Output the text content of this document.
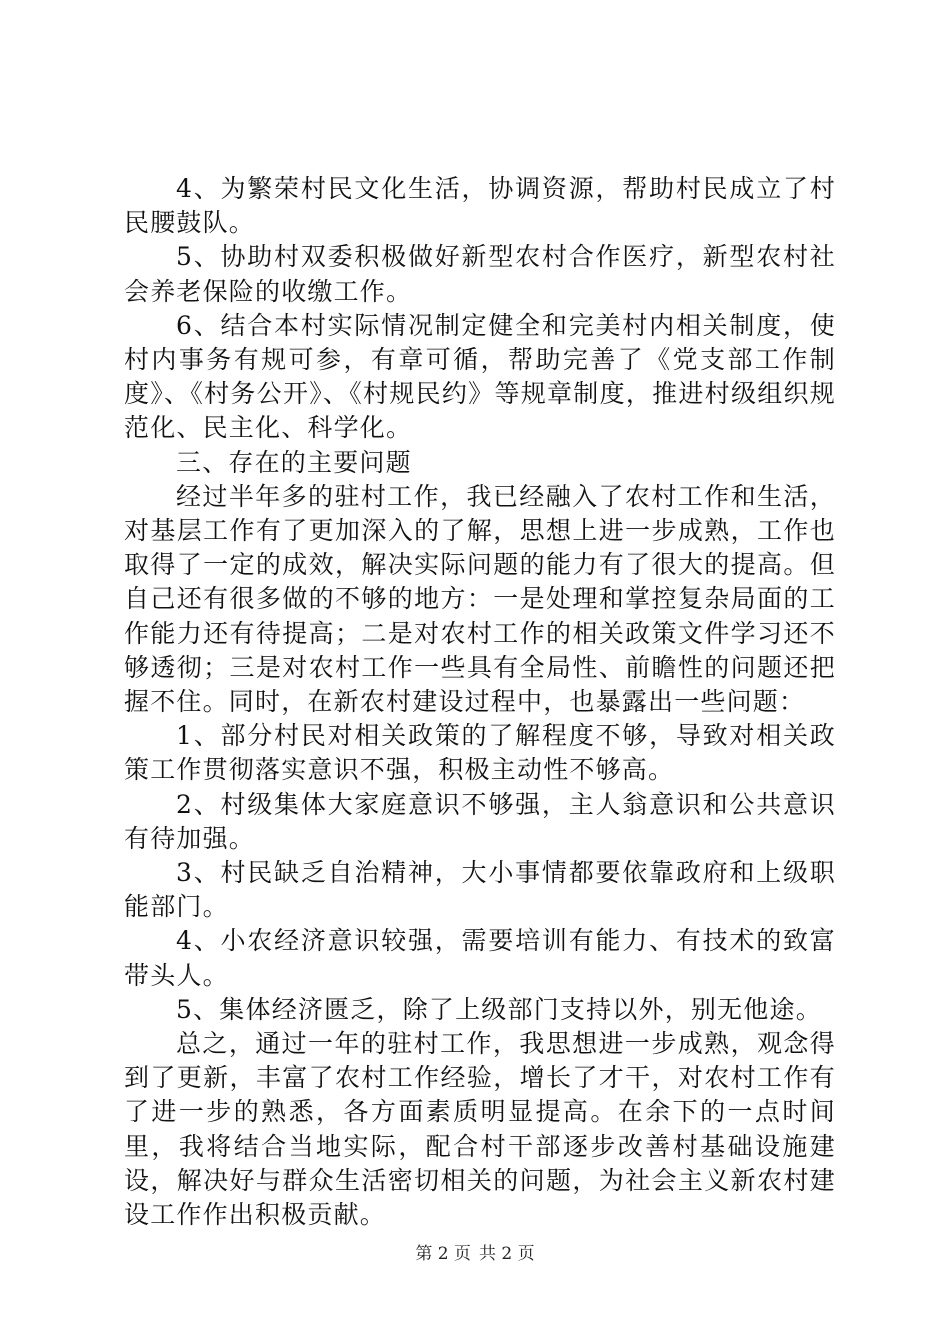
4、为繁荣村民文化生活，协调资源，帮助村民成立了村民腰鼓队。

5、协助村双委积极做好新型农村合作医疗，新型农村社会养老保险的收缴工作。

6、结合本村实际情况制定健全和完美村内相关制度，使村内事务有规可参，有章可循，帮助完善了《党支部工作制度》、《村务公开》、《村规民约》等规章制度，推进村级组织规范化、民主化、科学化。

三、存在的主要问题

经过半年多的驻村工作，我已经融入了农村工作和生活，对基层工作有了更加深入的了解，思想上进一步成熟，工作也取得了一定的成效，解决实际问题的能力有了很大的提高。但自己还有很多做的不够的地方：一是处理和掌控复杂局面的工作能力还有待提高；二是对农村工作的相关政策文件学习还不够透彻；三是对农村工作一些具有全局性、前瞻性的问题还把握不住。同时，在新农村建设过程中，也暴露出一些问题：

1、部分村民对相关政策的了解程度不够，导致对相关政策工作贯彻落实意识不强，积极主动性不够高。

2、村级集体大家庭意识不够强，主人翁意识和公共意识有待加强。

3、村民缺乏自治精神，大小事情都要依靠政府和上级职能部门。

4、小农经济意识较强，需要培训有能力、有技术的致富带头人。

5、集体经济匮乏，除了上级部门支持以外，别无他途。

总之，通过一年的驻村工作，我思想进一步成熟，观念得到了更新，丰富了农村工作经验，增长了才干，对农村工作有了进一步的熟悉，各方面素质明显提高。在余下的一点时间里，我将结合当地实际，配合村干部逐步改善村基础设施建设，解决好与群众生活密切相关的问题，为社会主义新农村建设工作作出积极贡献。

第 2 页 共 2 页
